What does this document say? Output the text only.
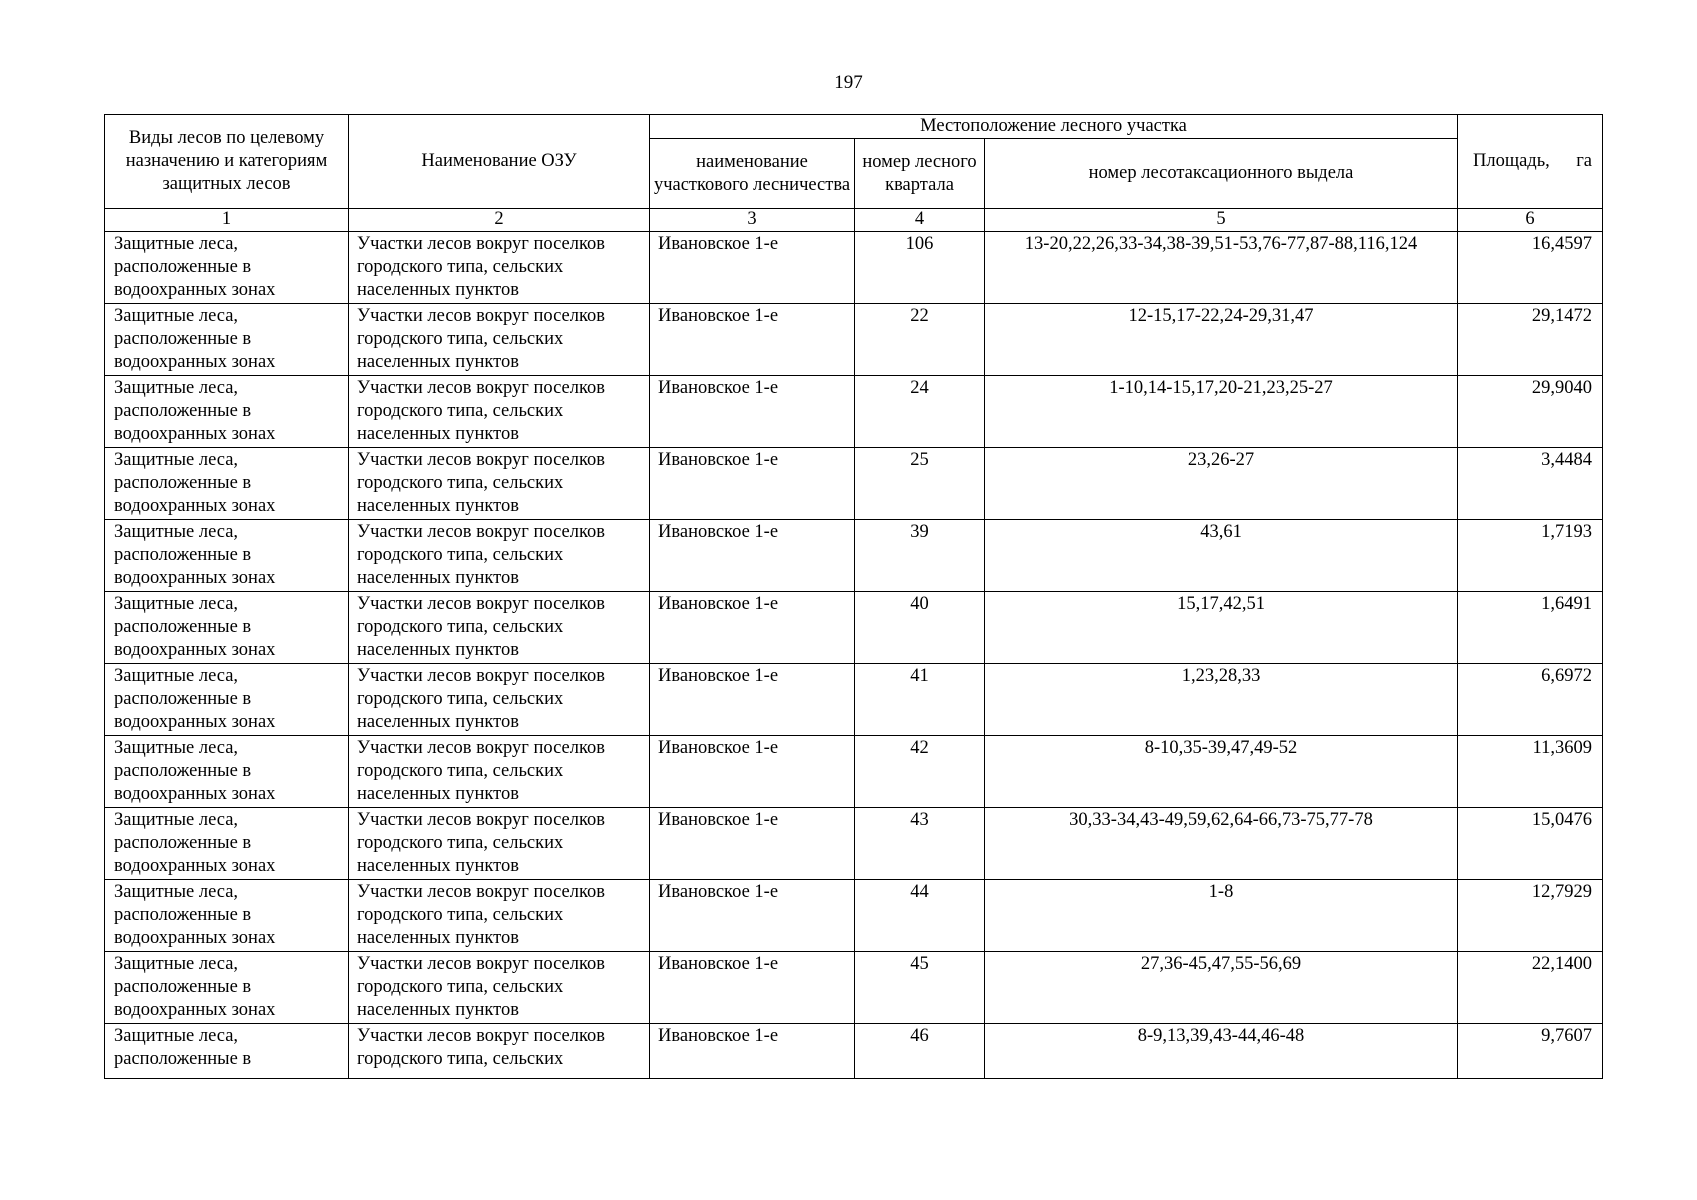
197
Виды лесов по целевому назначению и категориям защитных лесов	Наименование ОЗУ	Местоположение лесного участка			Площадь, га

		наименование участкового лесничества	номер лесного квартала	номер лесотаксационного выдела	
1	2	3	4	5	6
Защитные леса, расположенные в водоохранных зонах	Участки лесов вокруг поселков городского типа, сельских населенных пунктов	Ивановское 1-е	106	13-20,22,26,33-34,38-39,51-53,76-77,87-88,116,124	16,4597
Защитные леса, расположенные в водоохранных зонах	Участки лесов вокруг поселков городского типа, сельских населенных пунктов	Ивановское 1-е	22	12-15,17-22,24-29,31,47	29,1472
Защитные леса, расположенные в водоохранных зонах	Участки лесов вокруг поселков городского типа, сельских населенных пунктов	Ивановское 1-е	24	1-10,14-15,17,20-21,23,25-27	29,9040
Защитные леса, расположенные в водоохранных зонах	Участки лесов вокруг поселков городского типа, сельских населенных пунктов	Ивановское 1-е	25	23,26-27	3,4484
Защитные леса, расположенные в водоохранных зонах	Участки лесов вокруг поселков городского типа, сельских населенных пунктов	Ивановское 1-е	39	43,61	1,7193
Защитные леса, расположенные в водоохранных зонах	Участки лесов вокруг поселков городского типа, сельских населенных пунктов	Ивановское 1-е	40	15,17,42,51	1,6491
Защитные леса, расположенные в водоохранных зонах	Участки лесов вокруг поселков городского типа, сельских населенных пунктов	Ивановское 1-е	41	1,23,28,33	6,6972
Защитные леса, расположенные в водоохранных зонах	Участки лесов вокруг поселков городского типа, сельских населенных пунктов	Ивановское 1-е	42	8-10,35-39,47,49-52	11,3609
Защитные леса, расположенные в водоохранных зонах	Участки лесов вокруг поселков городского типа, сельских населенных пунктов	Ивановское 1-е	43	30,33-34,43-49,59,62,64-66,73-75,77-78	15,0476
Защитные леса, расположенные в водоохранных зонах	Участки лесов вокруг поселков городского типа, сельских населенных пунктов	Ивановское 1-е	44	1-8	12,7929
Защитные леса, расположенные в водоохранных зонах	Участки лесов вокруг поселков городского типа, сельских населенных пунктов	Ивановское 1-е	45	27,36-45,47,55-56,69	22,1400
Защитные леса, расположенные в	Участки лесов вокруг поселков городского типа, сельских	Ивановское 1-е	46	8-9,13,39,43-44,46-48	9,7607
